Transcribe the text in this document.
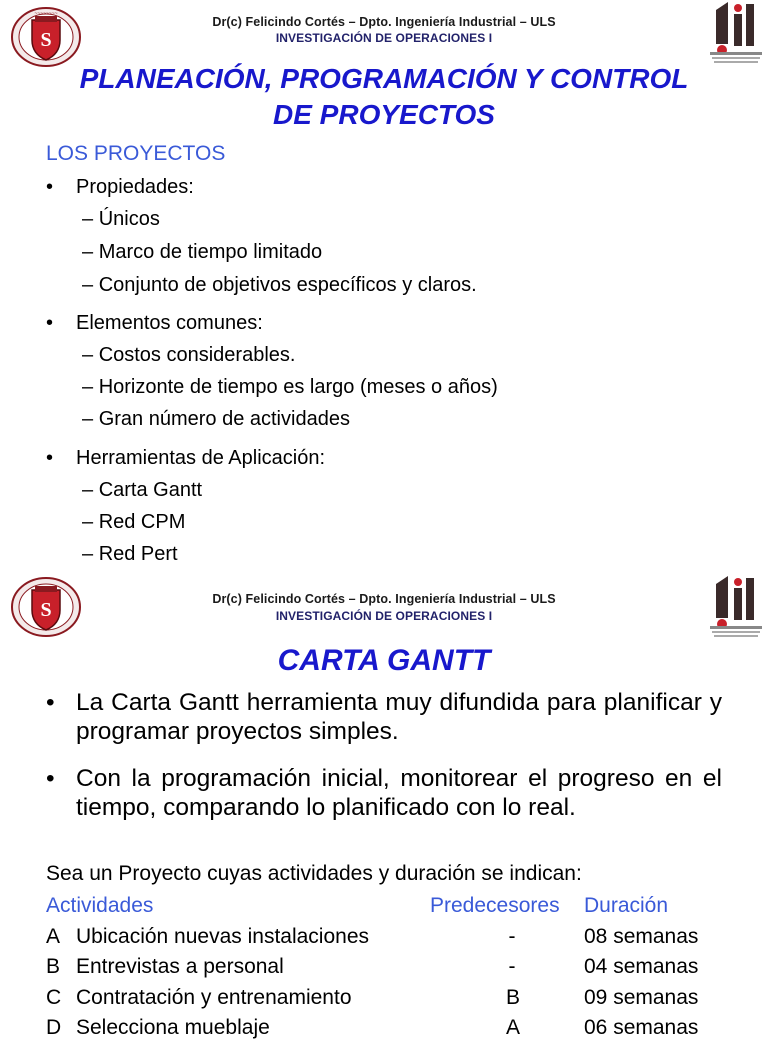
S
~~~~~~~~
Dr(c) Felicindo Cortés – Dpto. Ingeniería Industrial – ULS
INVESTIGACIÓN DE OPERACIONES I
PLANEACIÓN, PROGRAMACIÓN Y CONTROL
DE PROYECTOS
LOS PROYECTOS
• Propiedades:
– Únicos
– Marco de tiempo limitado
– Conjunto de objetivos específicos y claros.
• Elementos comunes:
– Costos considerables.
– Horizonte de tiempo es largo (meses o años)
– Gran número de actividades
• Herramientas de Aplicación:
– Carta Gantt
– Red CPM
– Red Pert
S	Dr(c) Felicindo Cortés – Dpto. Ingeniería Industrial – ULS
INVESTIGACIÓN DE OPERACIONES I
CARTA GANTT
• La Carta Gantt herramienta muy difundida para planificar y programar proyectos simples.
• Con la programación inicial, monitorear el progreso en el tiempo, comparando lo planificado con lo real.
Sea un Proyecto cuyas actividades y duración se indican:
Actividades	Predecesores Duración
A Ubicación nuevas instalaciones	-	08 semanas
B Entrevistas a personal	-	04 semanas
C Contratación y entrenamiento	B	09 semanas
D Selecciona mueblaje	A	06 semanas
